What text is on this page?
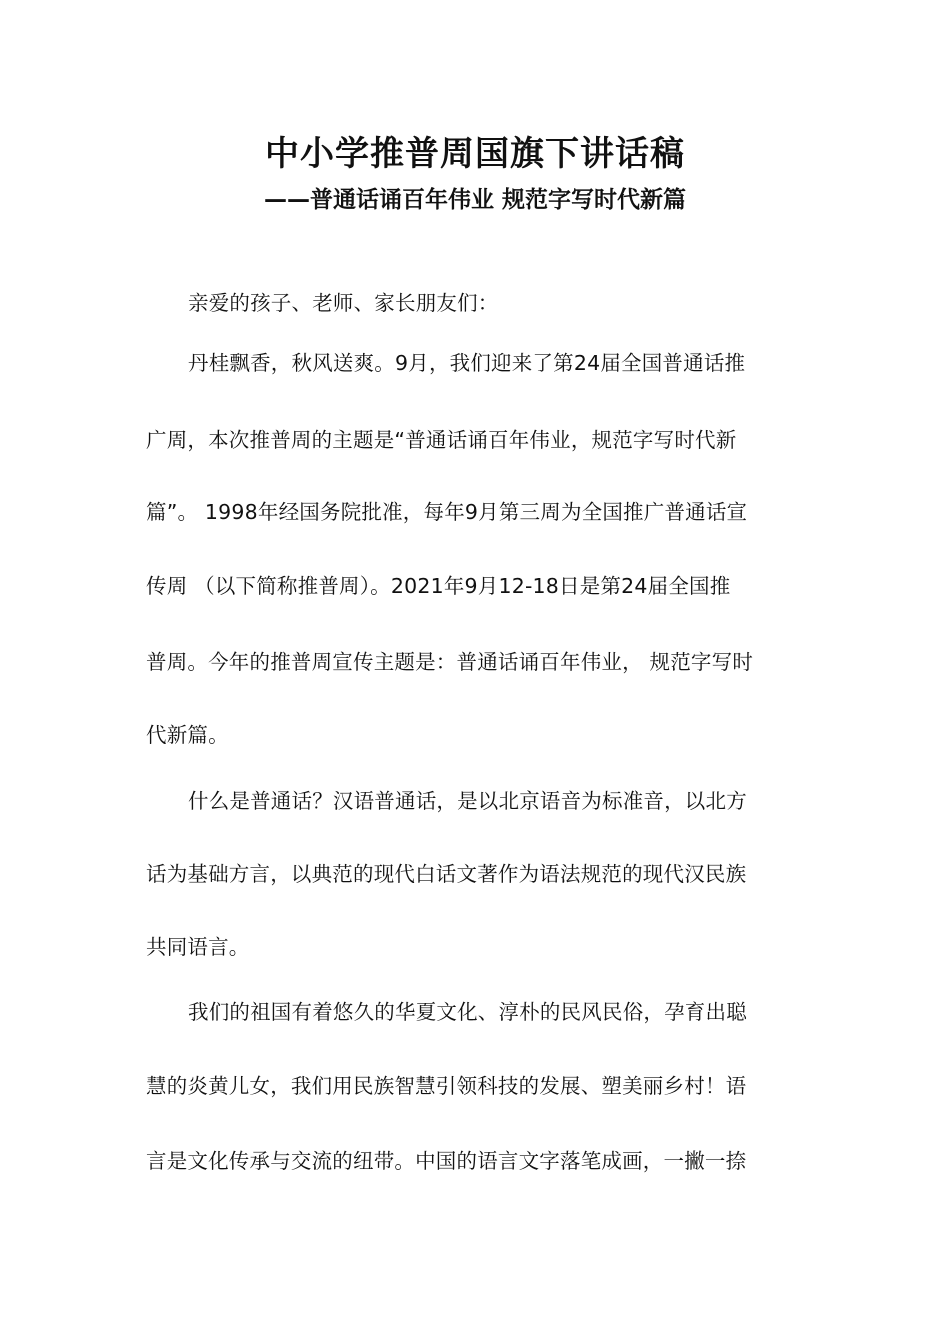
中小学推普周国旗下讲话稿
——普通话诵百年伟业 规范字写时代新篇
亲爱的孩子、老师、家长朋友们：
丹桂飘香，秋风送爽。9月，我们迎来了第24届全国普通话推
广周，本次推普周的主题是“普通话诵百年伟业，规范字写时代新
篇”。 1998年经国务院批准，每年9月第三周为全国推广普通话宣
传周 （以下简称推普周）。2021年9月12-18日是第24届全国推
普周。今年的推普周宣传主题是：普通话诵百年伟业， 规范字写时
代新篇。
什么是普通话？汉语普通话，是以北京语音为标准音，以北方
话为基础方言，以典范的现代白话文著作为语法规范的现代汉民族
共同语言。
我们的祖国有着悠久的华夏文化、淳朴的民风民俗，孕育出聪
慧的炎黄儿女，我们用民族智慧引领科技的发展、塑美丽乡村！语
言是文化传承与交流的纽带。中国的语言文字落笔成画，一撇一捺
